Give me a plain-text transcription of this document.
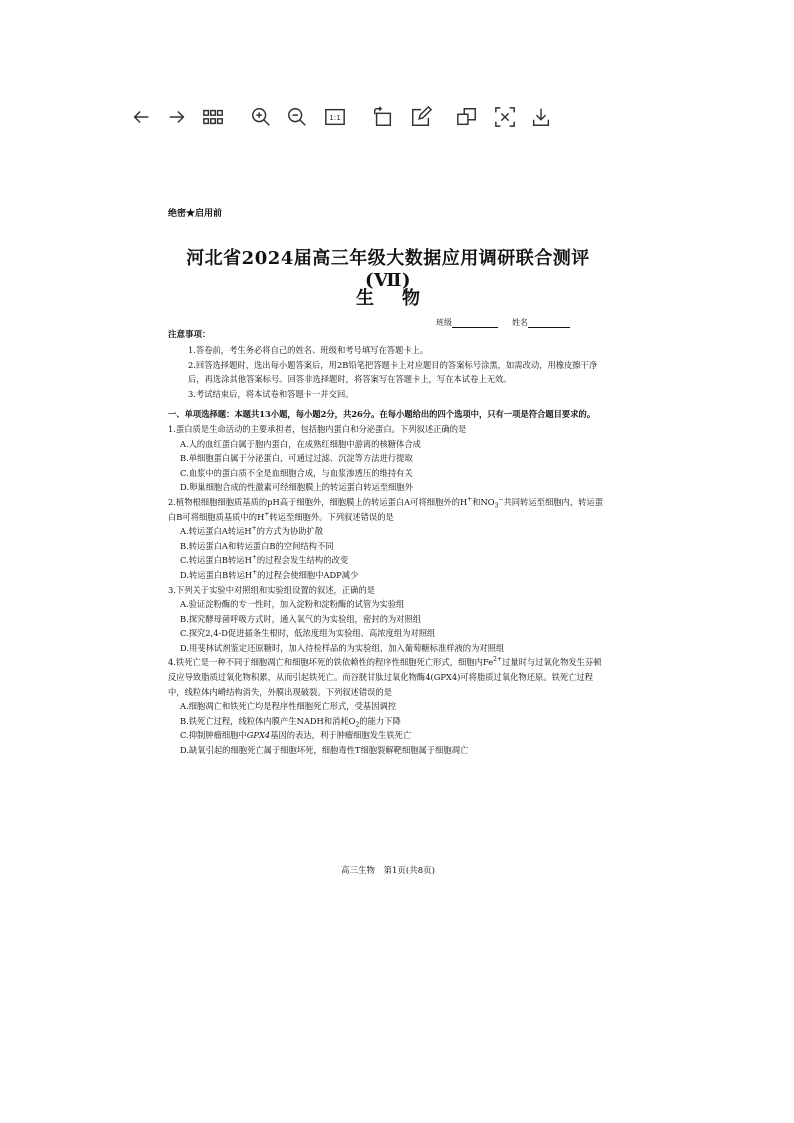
1:1
绝密★启用前
河北省2024届高三年级大数据应用调研联合测评(Ⅶ)
生物
班级	姓名
注意事项：

1.答卷前，考生务必将自己的姓名、班级和考号填写在答题卡上。

2.回答选择题时，选出每小题答案后，用2B铅笔把答题卡上对应题目的答案标号涂黑，如需改动，用橡皮擦干净后，再选涂其他答案标号。回答非选择题时，将答案写在答题卡上，写在本试卷上无效。

3.考试结束后，将本试卷和答题卡一并交回。

一、单项选择题：本题共13小题，每小题2分，共26分。在每小题给出的四个选项中，只有一项是符合题目要求的。

1.蛋白质是生命活动的主要承担者，包括胞内蛋白和分泌蛋白。下列叙述正确的是

A.人的血红蛋白属于胞内蛋白，在成熟红细胞中游离的核糖体合成

B.单细胞蛋白属于分泌蛋白，可通过过滤、沉淀等方法进行提取

C.血浆中的蛋白质不全是血细胞合成，与血浆渗透压的维持有关

D.卵巢细胞合成的性激素可经细胞膜上的转运蛋白转运至细胞外

2.植物根细胞细胞质基质的pH高于细胞外，细胞膜上的转运蛋白A可将细胞外的H+和$NO_3^-$共同转运至细胞内，转运蛋白B可将细胞质基质中的H+转运至细胞外。下列叙述错误的是

A.转运蛋白A转运H+的方式为协助扩散

B.转运蛋白A和转运蛋白B的空间结构不同

C.转运蛋白B转运H+的过程会发生结构的改变

D.转运蛋白B转运H+的过程会使细胞中ADP减少

3.下列关于实验中对照组和实验组设置的叙述，正确的是

A.验证淀粉酶的专一性时，加入淀粉和淀粉酶的试管为实验组

B.探究酵母菌呼吸方式时，通入氧气的为实验组，密封的为对照组

C.探究2,4-D促进插条生根时，低浓度组为实验组、高浓度组为对照组

D.用斐林试剂鉴定还原糖时，加入待检样品的为实验组，加入葡萄糖标准样液的为对照组

4.铁死亡是一种不同于细胞凋亡和细胞坏死的铁依赖性的程序性细胞死亡形式，细胞内$Fe^{2+}$过量时与过氧化物发生芬顿反应导致脂质过氧化物积累，从而引起铁死亡。而谷胱甘肽过氧化物酶4(GPX4)可将脂质过氧化物还原。铁死亡过程中，线粒体内嵴结构消失，外膜出现破裂。下列叙述错误的是

A.细胞凋亡和铁死亡均是程序性细胞死亡形式，受基因调控

B.铁死亡过程，线粒体内膜产生NADH和消耗$O_2$的能力下降

C.抑制肿瘤细胞中GPX4基因的表达，利于肿瘤细胞发生铁死亡

D.缺氧引起的细胞死亡属于细胞坏死，细胞毒性T细胞裂解靶细胞属于细胞凋亡

高三生物　第1页(共8页)
